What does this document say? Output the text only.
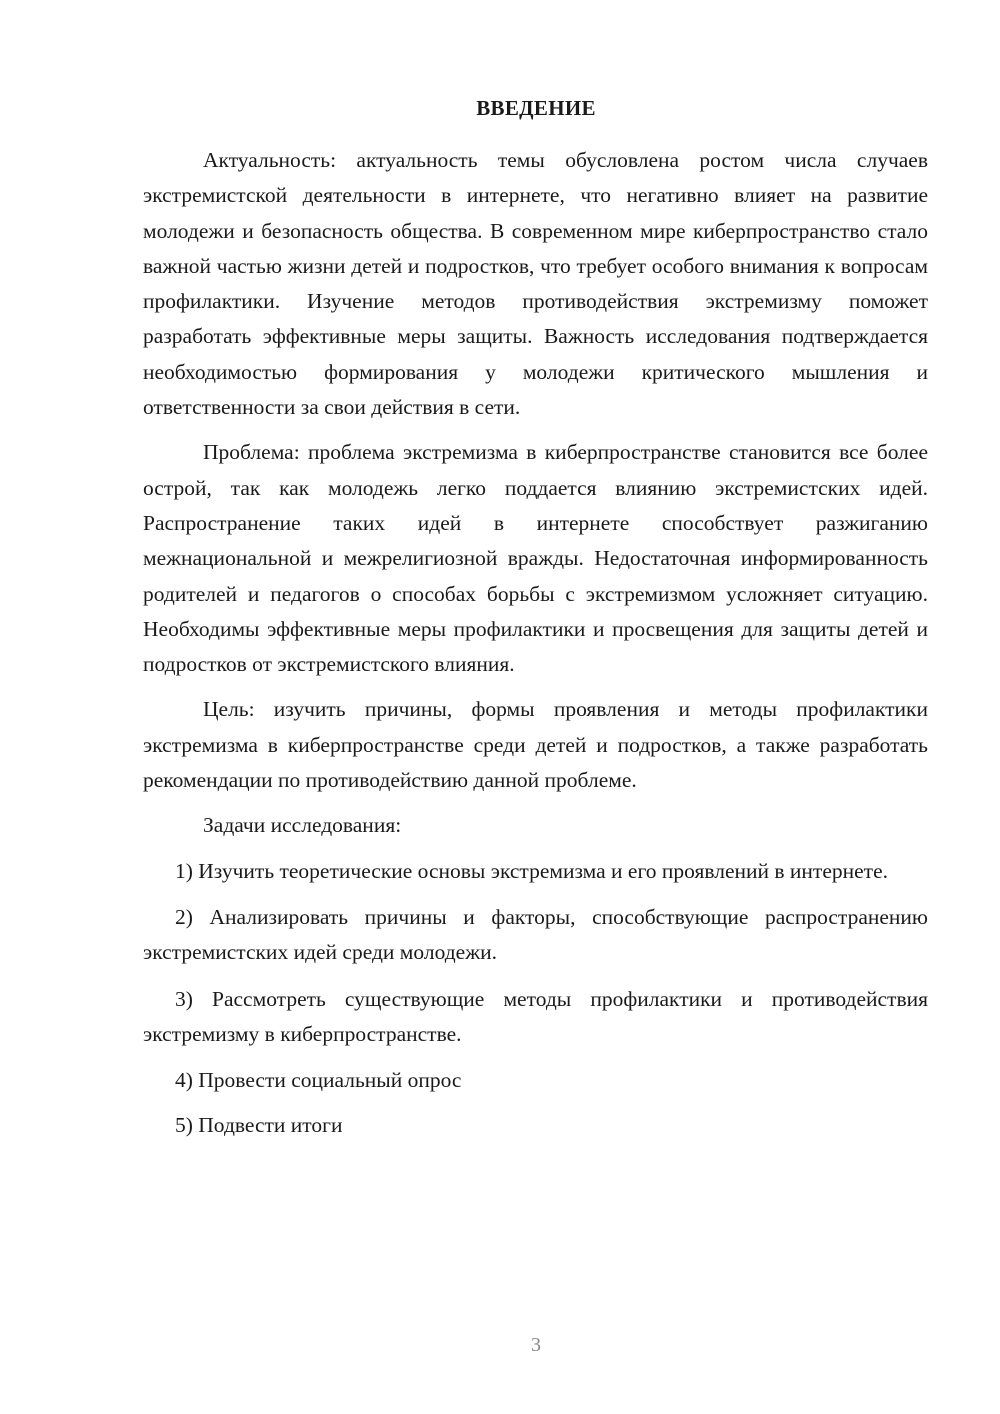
ВВЕДЕНИЕ

Актуальность: актуальность темы обусловлена ростом числа случаев экстремистской деятельности в интернете, что негативно влияет на развитие молодежи и безопасность общества. В современном мире киберпространство стало важной частью жизни детей и подростков, что требует особого внимания к вопросам профилактики. Изучение методов противодействия экстремизму поможет разработать эффективные меры защиты. Важность исследования подтверждается необходимостью формирования у молодежи критического мышления и ответственности за свои действия в сети.

Проблема: проблема экстремизма в киберпространстве становится все более острой, так как молодежь легко поддается влиянию экстремистских идей. Распространение таких идей в интернете способствует разжиганию межнациональной и межрелигиозной вражды. Недостаточная информированность родителей и педагогов о способах борьбы с экстремизмом усложняет ситуацию. Необходимы эффективные меры профилактики и просвещения для защиты детей и подростков от экстремистского влияния.

Цель: изучить причины, формы проявления и методы профилактики экстремизма в киберпространстве среди детей и подростков, а также разработать рекомендации по противодействию данной проблеме.

Задачи исследования:

1) Изучить теоретические основы экстремизма и его проявлений в интернете.

2) Анализировать причины и факторы, способствующие распространению экстремистских идей среди молодежи.

3) Рассмотреть существующие методы профилактики и противодействия экстремизму в киберпространстве.

4) Провести социальный опрос

5) Подвести итоги

3
